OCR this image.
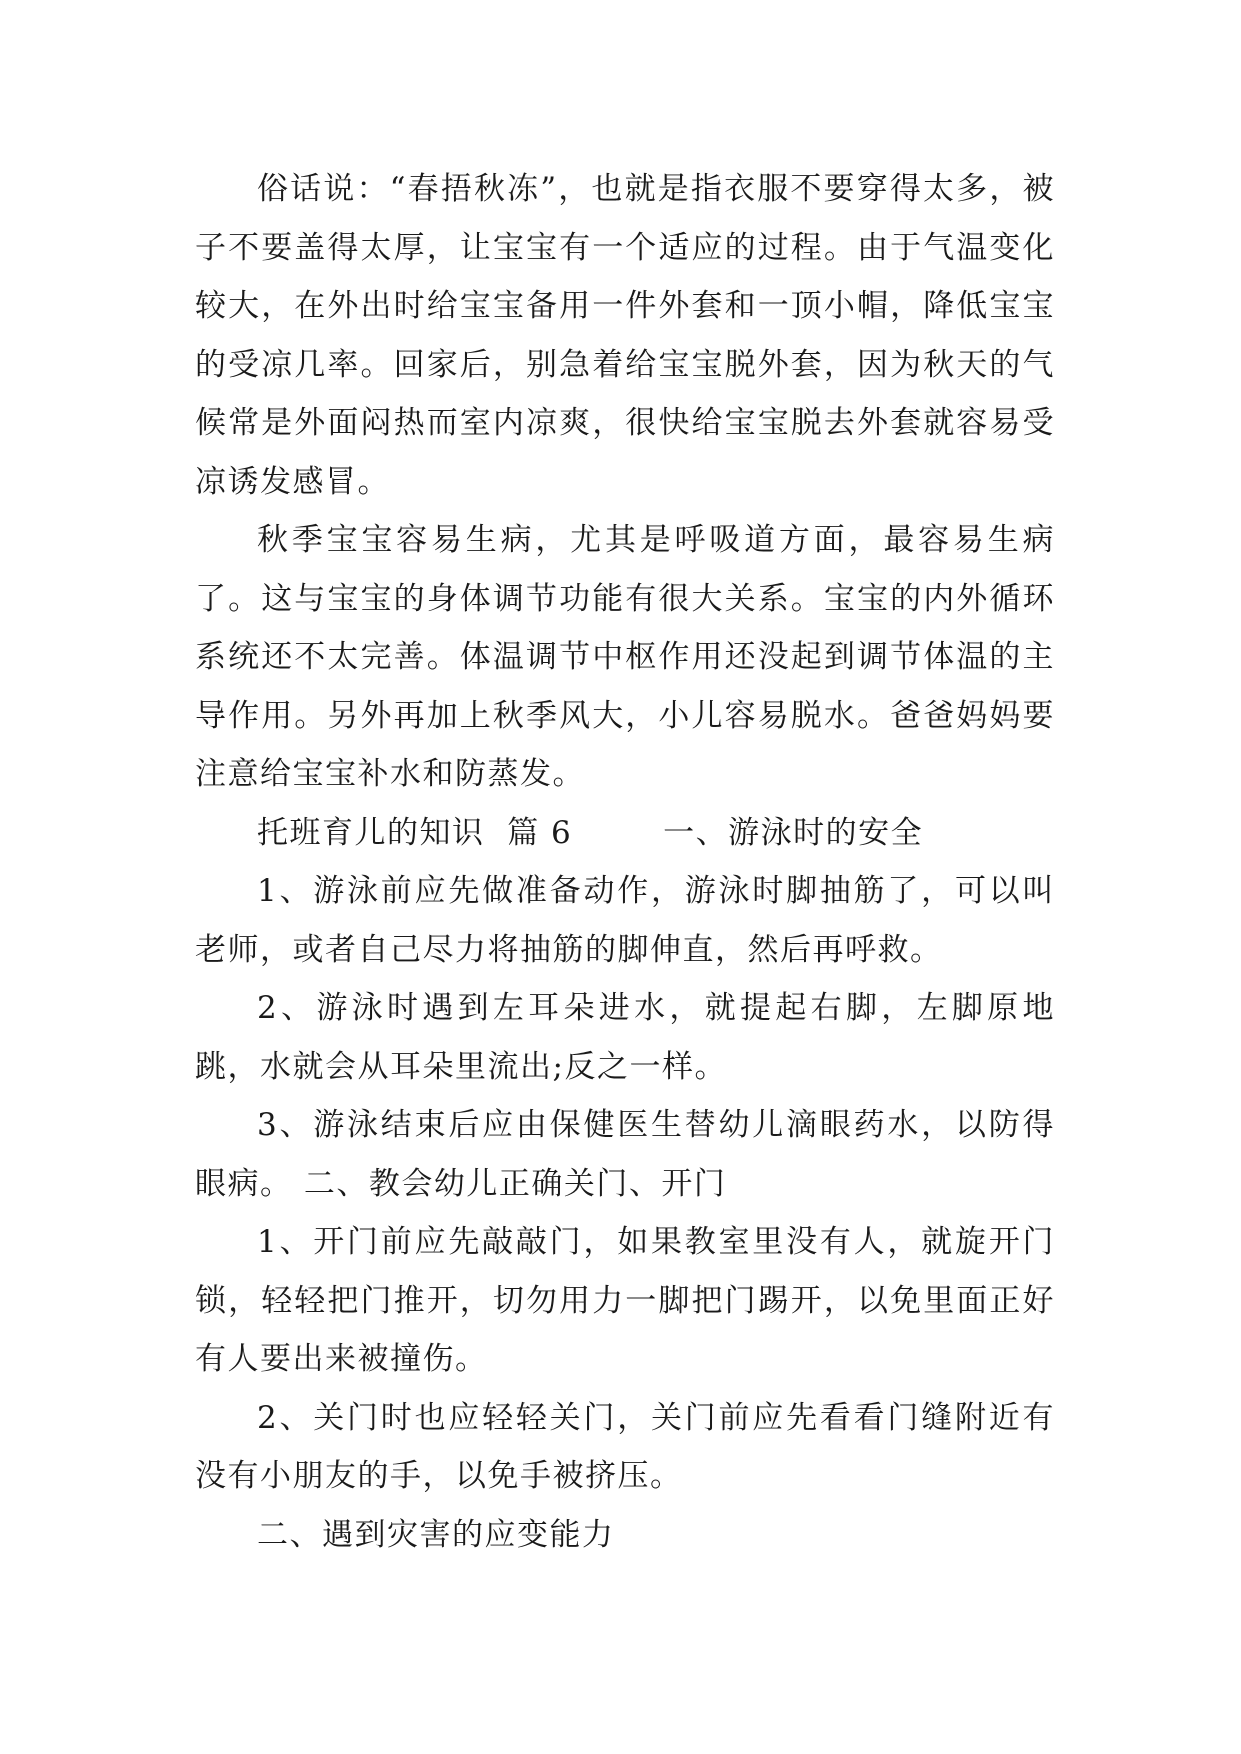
俗话说：“春捂秋冻”，也就是指衣服不要穿得太多，被子不要盖得太厚，让宝宝有一个适应的过程。由于气温变化较大，在外出时给宝宝备用一件外套和一顶小帽，降低宝宝的受凉几率。回家后，别急着给宝宝脱外套，因为秋天的气候常是外面闷热而室内凉爽，很快给宝宝脱去外套就容易受凉诱发感冒。

秋季宝宝容易生病，尤其是呼吸道方面，最容易生病了。这与宝宝的身体调节功能有很大关系。宝宝的内外循环系统还不太完善。体温调节中枢作用还没起到调节体温的主导作用。另外再加上秋季风大，小儿容易脱水。爸爸妈妈要注意给宝宝补水和防蒸发。

托班育儿的知识  篇 6        一、游泳时的安全

1、游泳前应先做准备动作，游泳时脚抽筋了，可以叫老师，或者自己尽力将抽筋的脚伸直，然后再呼救。

2、游泳时遇到左耳朵进水，就提起右脚，左脚原地跳，水就会从耳朵里流出;反之一样。

3、游泳结束后应由保健医生替幼儿滴眼药水，以防得眼病。 二、教会幼儿正确关门、开门

1、开门前应先敲敲门，如果教室里没有人，就旋开门锁，轻轻把门推开，切勿用力一脚把门踢开，以免里面正好有人要出来被撞伤。

2、关门时也应轻轻关门，关门前应先看看门缝附近有没有小朋友的手，以免手被挤压。

二、遇到灾害的应变能力
